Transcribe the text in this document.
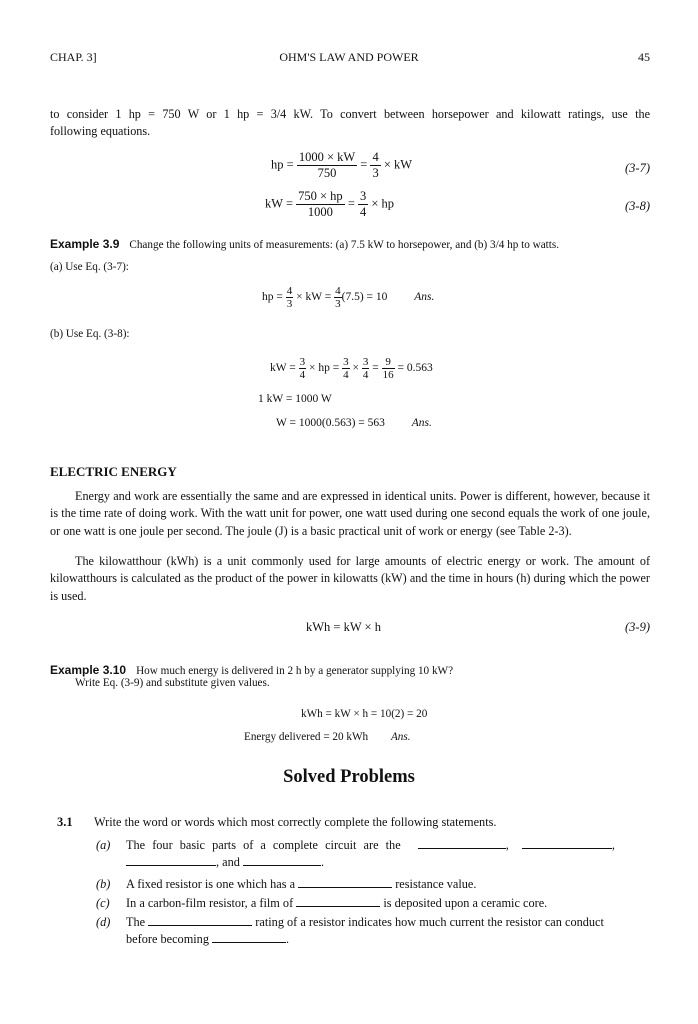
CHAP. 3]	OHM'S LAW AND POWER	45
to consider 1 hp = 750 W or 1 hp = 3/4 kW. To convert between horsepower and kilowatt ratings, use the
following equations.
hp = $\frac{1000 \times kW}{750} = \frac{4}{3}$ × kW	(3-7)
kW = $\frac{750 \times hp}{1000} = \frac{3}{4}$ × hp	(3-8)
Example 3.9 Change the following units of measurements: (a) 7.5 kW to horsepower, and (b) 3/4 hp to watts.
(a) Use Eq. (3-7):
hp = $\frac{4}{3}$ × kW = $\frac{4}{3} (7.5) = 10$ Ans.
(b) Use Eq. (3-8):
kW = $\frac{3}{4}$ × hp = $\frac{3}{4} \times \frac{3}{4} = \frac{9}{16} = 0.563$
1 kW = 1000 W
W = 1000(0.563) = 563 Ans.
ELECTRIC ENERGY
Energy and work are essentially the same and are expressed in identical units. Power is different, however, because it is the time rate of doing work. With the watt unit for power, one watt used during one second equals the work of one joule, or one watt is one joule per second. The joule (J) is a basic practical unit of work or energy (see Table 2-3).
The kilowatthour (kWh) is a unit commonly used for large amounts of electric energy or work. The amount of kilowatthours is calculated as the product of the power in kilowatts (kW) and the time in hours (h) during which the power is used.
kWh = kW × h	(3-9)
Example 3.10 How much energy is delivered in 2 h by a generator supplying 10 kW?
Write Eq. (3-9) and substitute given values.
kWh = kW × h = 10(2) = 20
Energy delivered = 20 kWh Ans.
Solved Problems
3.1 Write the word or words which most correctly complete the following statements.
(a) The four basic parts of a complete circuit are the	,	,
, and	.
(b) A fixed resistor is one which has a	resistance value.
(c) In a carbon-film resistor, a film of	is deposited upon a ceramic core.
(d) The	rating of a resistor indicates how much current the resistor can conduct
before becoming	.
